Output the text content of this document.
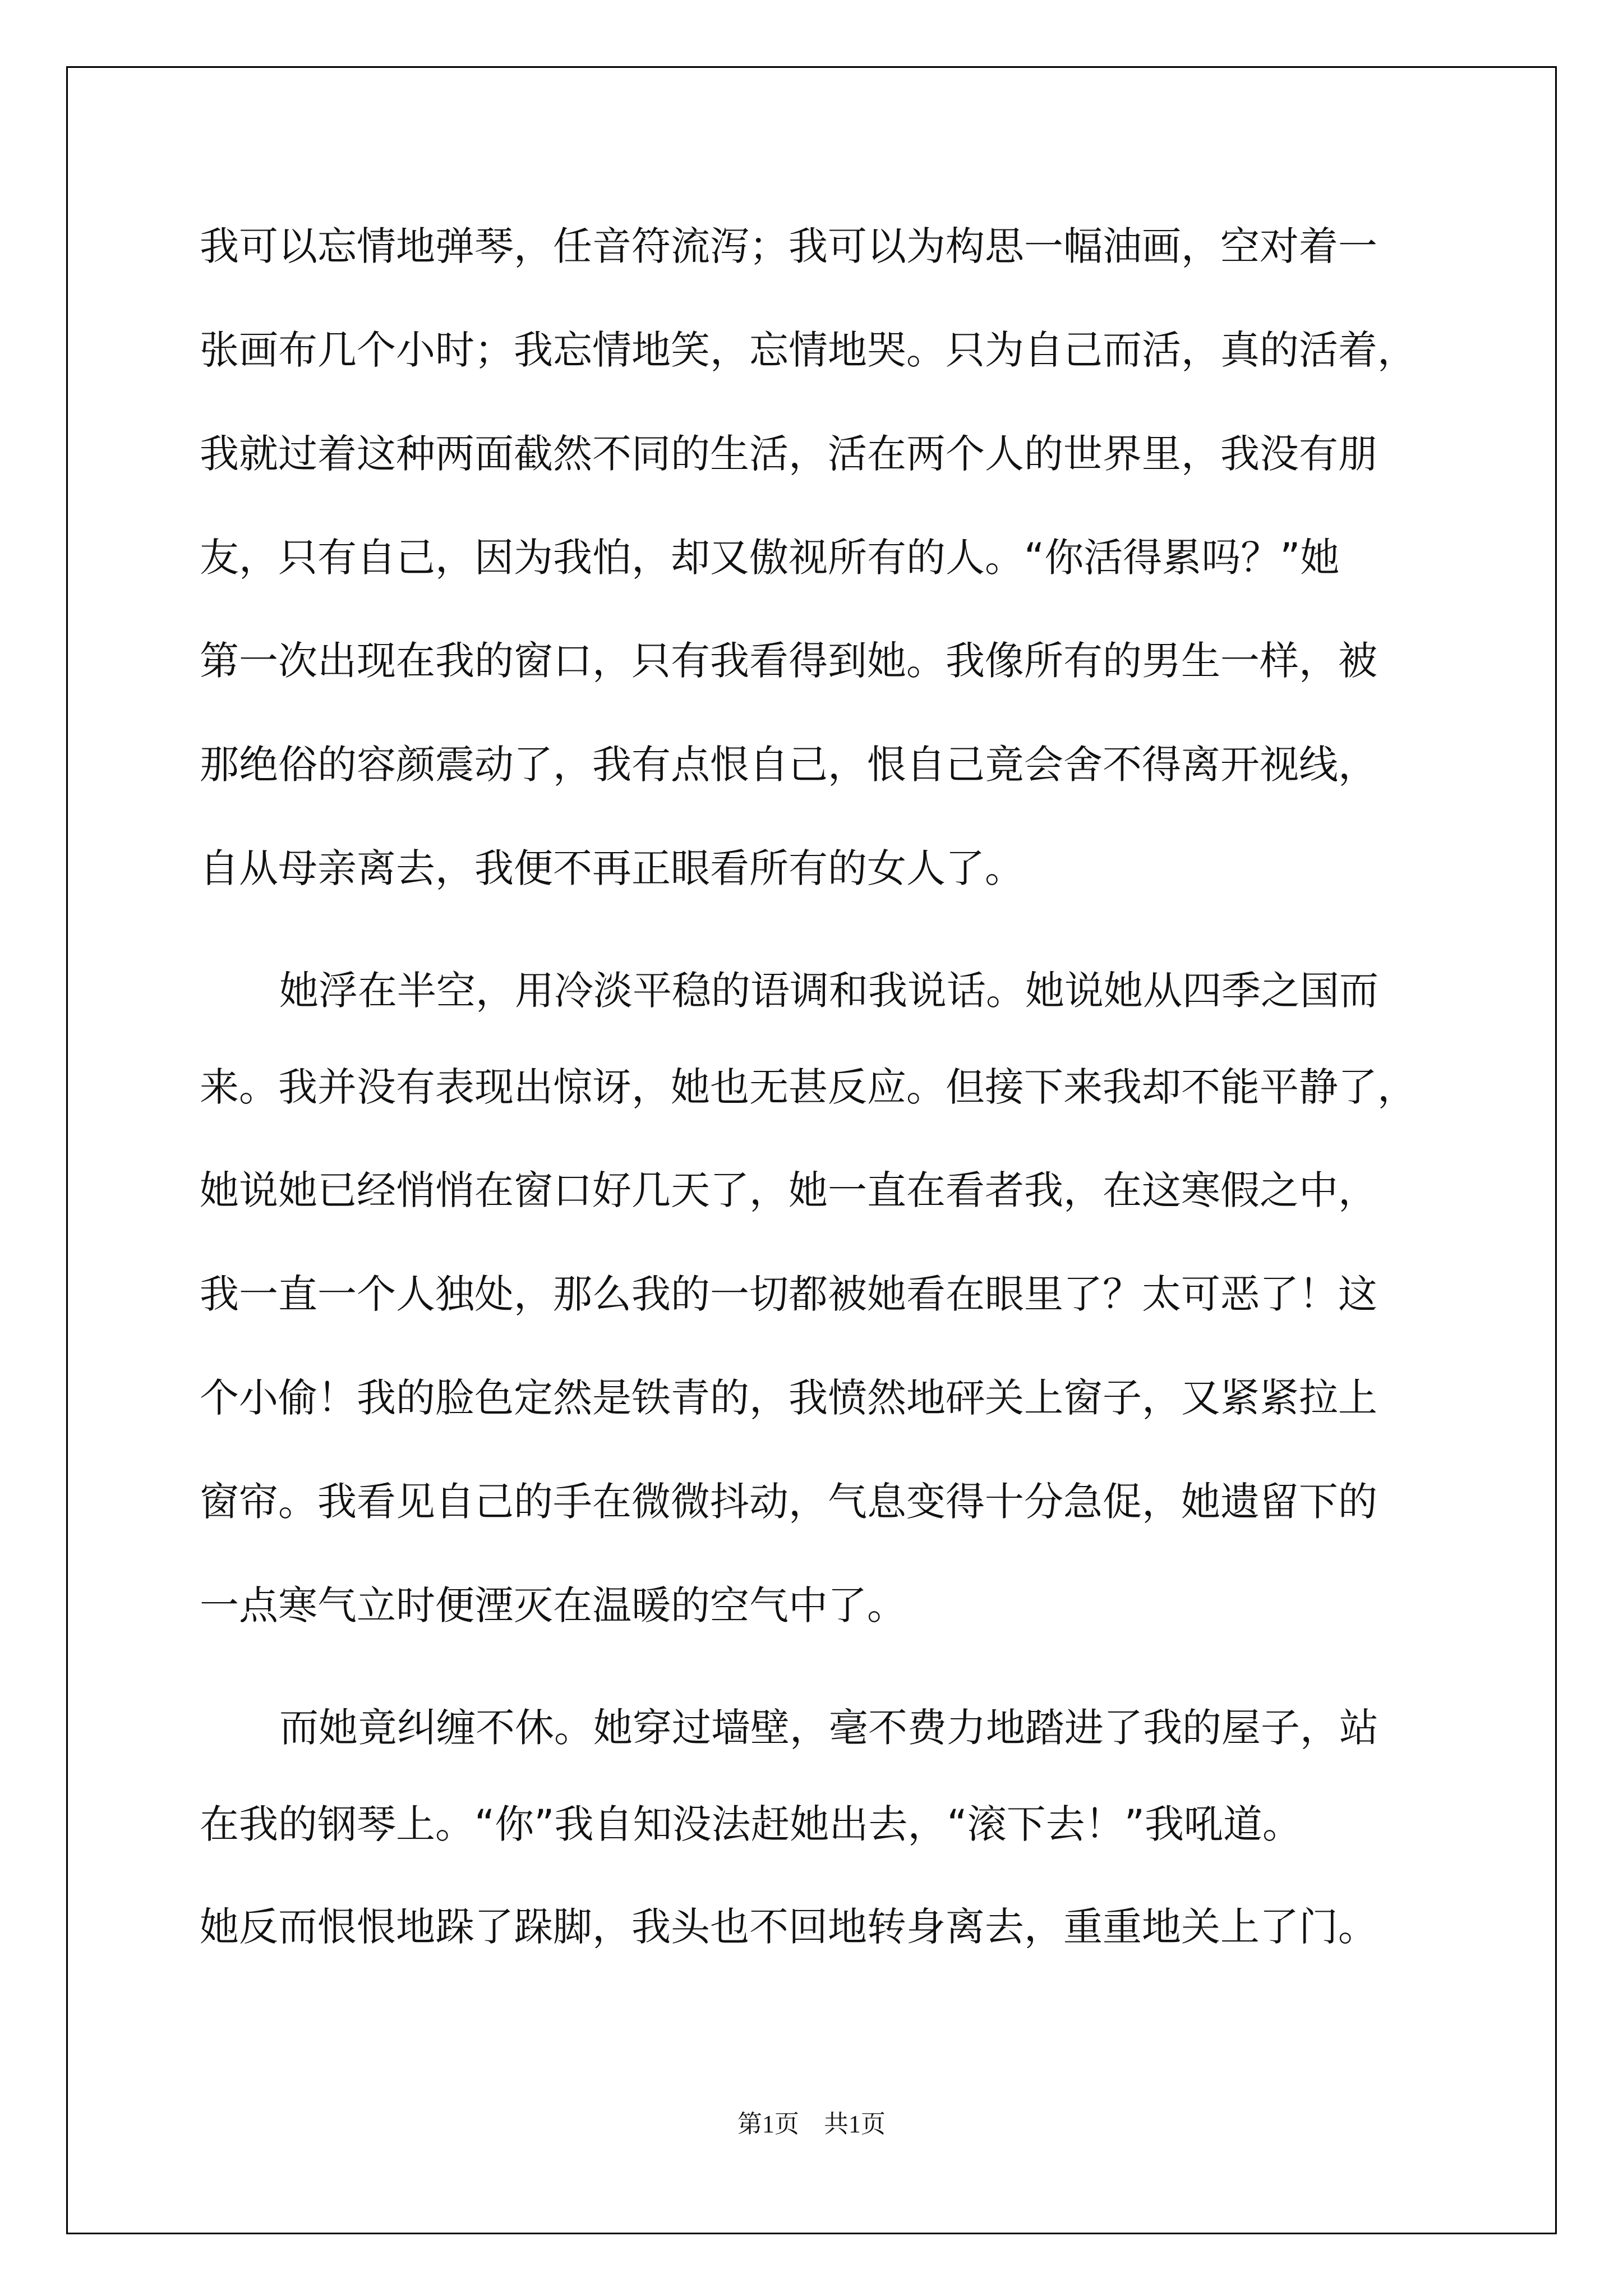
我可以忘情地弹琴，任音符流泻；我可以为构思一幅油画，空对着一
张画布几个小时；我忘情地笑，忘情地哭。只为自己而活，真的活着，
我就过着这种两面截然不同的生活，活在两个人的世界里，我没有朋
友，只有自己，因为我怕，却又傲视所有的人。“你活得累吗？”她
第一次出现在我的窗口，只有我看得到她。我像所有的男生一样，被
那绝俗的容颜震动了，我有点恨自己，恨自己竟会舍不得离开视线，
自从母亲离去，我便不再正眼看所有的女人了。
她浮在半空，用冷淡平稳的语调和我说话。她说她从四季之国而
来。我并没有表现出惊讶，她也无甚反应。但接下来我却不能平静了，
她说她已经悄悄在窗口好几天了，她一直在看者我，在这寒假之中，
我一直一个人独处，那么我的一切都被她看在眼里了？太可恶了！这
个小偷！我的脸色定然是铁青的，我愤然地砰关上窗子，又紧紧拉上
窗帘。我看见自己的手在微微抖动，气息变得十分急促，她遗留下的
一点寒气立时便湮灭在温暖的空气中了。
而她竟纠缠不休。她穿过墙壁，毫不费力地踏进了我的屋子，站
在我的钢琴上。“你”我自知没法赶她出去，“滚下去！”我吼道。
她反而恨恨地跺了跺脚，我头也不回地转身离去，重重地关上了门。
第1页　共1页
